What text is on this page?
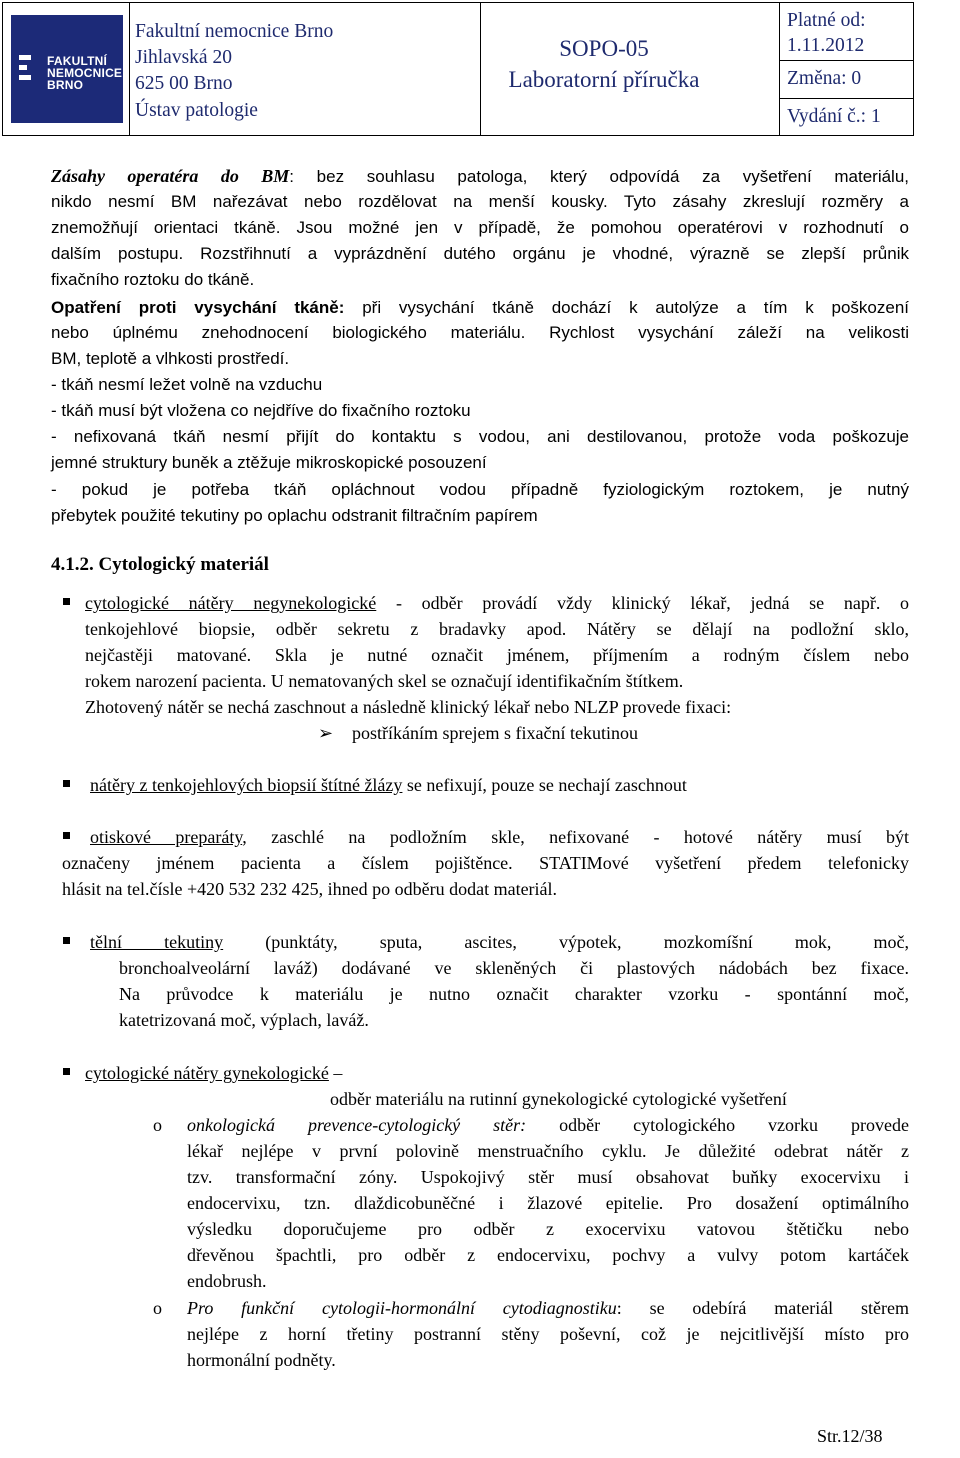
FAKULTNÍ
NEMOCNICE
BRNO
Fakultní nemocnice Brno
Jihlavská 20
625 00 Brno
Ústav patologie
SOPO-05
Laboratorní příručka
Platné od:
1.11.2012
Změna: 0
Vydání č.: 1
Zásahy operatéra do BM: bez souhlasu patologa, který odpovídá za vyšetření materiálu,
nikdo nesmí BM nařezávat nebo rozdělovat na menší kousky. Tyto zásahy zkreslují rozměry a
znemožňují orientaci tkáně. Jsou možné jen v případě, že pomohou operatérovi v rozhodnutí o
dalším postupu. Rozstřihnutí a vyprázdnění dutého orgánu je vhodné, výrazně se zlepší průnik
fixačního roztoku do tkáně.
Opatření proti vysychání tkáně: při vysychání tkáně dochází k autolýze a tím k poškození
nebo úplnému znehodnocení biologického materiálu. Rychlost vysychání záleží na velikosti
BM, teplotě a vlhkosti prostředí.
- tkáň nesmí ležet volně na vzduchu
- tkáň musí být vložena co nejdříve do fixačního roztoku
- nefixovaná tkáň nesmí přijít do kontaktu s vodou, ani destilovanou, protože voda poškozuje
jemné struktury buněk a ztěžuje mikroskopické posouzení
- pokud je potřeba tkáň opláchnout vodou případně fyziologickým roztokem, je nutný
přebytek použité tekutiny po oplachu odstranit filtračním papírem
4.1.2. Cytologický materiál
cytologické nátěry negynekologické - odběr provádí vždy klinický lékař, jedná se např. o
tenkojehlové biopsie, odběr sekretu z bradavky apod. Nátěry se dělají na podložní sklo,
nejčastěji matované. Skla je nutné označit jménem, příjmením a rodným číslem nebo
rokem narození pacienta. U nematovaných skel se označují identifikačním štítkem.
Zhotovený nátěr se nechá zaschnout a následně klinický lékař nebo NLZP provede fixaci:
➢ postříkáním sprejem s fixační tekutinou
nátěry z tenkojehlových biopsií štítné žlázy se nefixují, pouze se nechají zaschnout
otiskové preparáty, zaschlé na podložním skle, nefixované - hotové nátěry musí být
označeny jménem pacienta a číslem pojištěnce. STATIMové vyšetření předem telefonicky
hlásit na tel.čísle +420 532 232 425, ihned po odběru dodat materiál.
tělní tekutiny (punktáty, sputa, ascites, výpotek, mozkomíšní mok, moč,
bronchoalveolární laváž) dodávané ve skleněných či plastových nádobách bez fixace.
Na průvodce k materiálu je nutno označit charakter vzorku - spontánní moč,
katetrizovaná moč, výplach, laváž.
cytologické nátěry gynekologické –
odběr materiálu na rutinní gynekologické cytologické vyšetření
o onkologická prevence-cytologický stěr: odběr cytologického vzorku provede
lékař nejlépe v první polovině menstruačního cyklu. Je důležité odebrat nátěr z
tzv. transformační zóny. Uspokojivý stěr musí obsahovat buňky exocervixu i
endocervixu, tzn. dlaždicobuněčné i žlazové epitelie. Pro dosažení optimálního
výsledku doporučujeme pro odběr z exocervixu vatovou štětičku nebo
dřevěnou špachtli, pro odběr z endocervixu, pochvy a vulvy potom kartáček
endobrush.
o Pro funkční cytologii-hormonální cytodiagnostiku: se odebírá materiál stěrem
nejlépe z horní třetiny postranní stěny poševní, což je nejcitlivější místo pro
hormonální podněty.
Str.12/38
